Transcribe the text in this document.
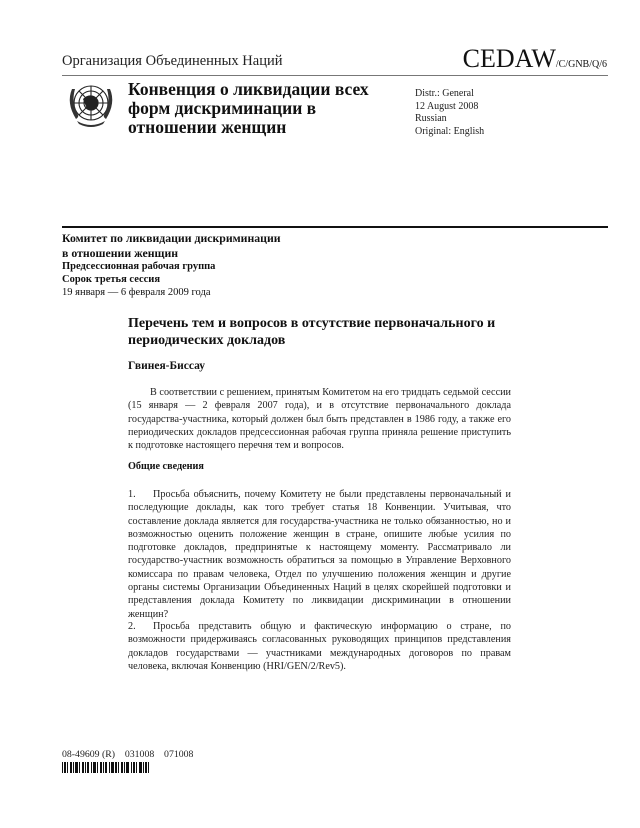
Организация Объединенных Наций	CEDAW/C/GNB/Q/6
Конвенция о ликвидации всех форм дискриминации в отношении женщин
Distr.: General
12 August 2008
Russian
Original: English
Комитет по ликвидации дискриминации
в отношении женщин
Предсессионная рабочая группа
Сорок третья сессия
19 января — 6 февраля 2009 года
Перечень тем и вопросов в отсутствие первоначального и периодических докладов
Гвинея-Биссау
В соответствии с решением, принятым Комитетом на его тридцать седьмой сессии (15 января — 2 февраля 2007 года), и в отсутствие первоначального доклада государства-участника, который должен был быть представлен в 1986 году, а также его периодических докладов предсессионная рабочая группа приняла решение приступить к подготовке настоящего перечня тем и вопросов.
Общие сведения
1. Просьба объяснить, почему Комитету не были представлены первоначальный и последующие доклады, как того требует статья 18 Конвенции. Учитывая, что составление доклада является для государства-участника не только обязанностью, но и возможностью оценить положение женщин в стране, опишите любые усилия по подготовке докладов, предпринятые к настоящему моменту. Рассматривало ли государство-участник возможность обратиться за помощью в Управление Верховного комиссара по правам человека, Отдел по улучшению положения женщин и другие органы системы Организации Объединенных Наций в целях скорейшей подготовки и представления доклада Комитету по ликвидации дискриминации в отношении женщин?
2. Просьба представить общую и фактическую информацию о стране, по возможности придерживаясь согласованных руководящих принципов представления докладов государствами — участниками международных договоров по правам человека, включая Конвенцию (HRI/GEN/2/Rev5).
08-49609 (R)    031008    071008
